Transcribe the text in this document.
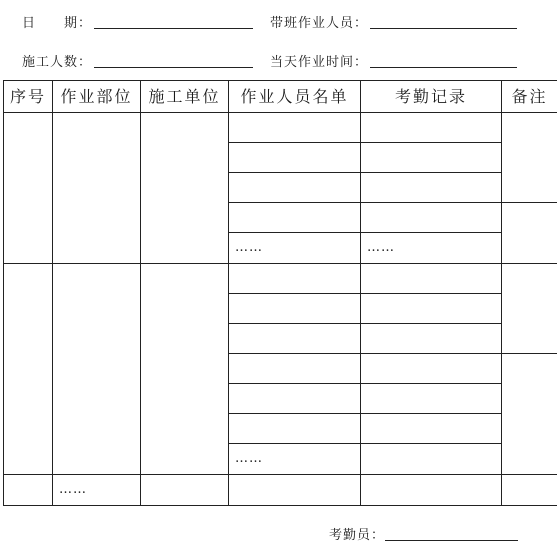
日　　期：	带班作业人员：
施工人数：	当天作业时间：
序号	作业部位	施工单位	作业人员名单	考勤记录	备注

			……	……	

			……		
	……				
考勤员：
